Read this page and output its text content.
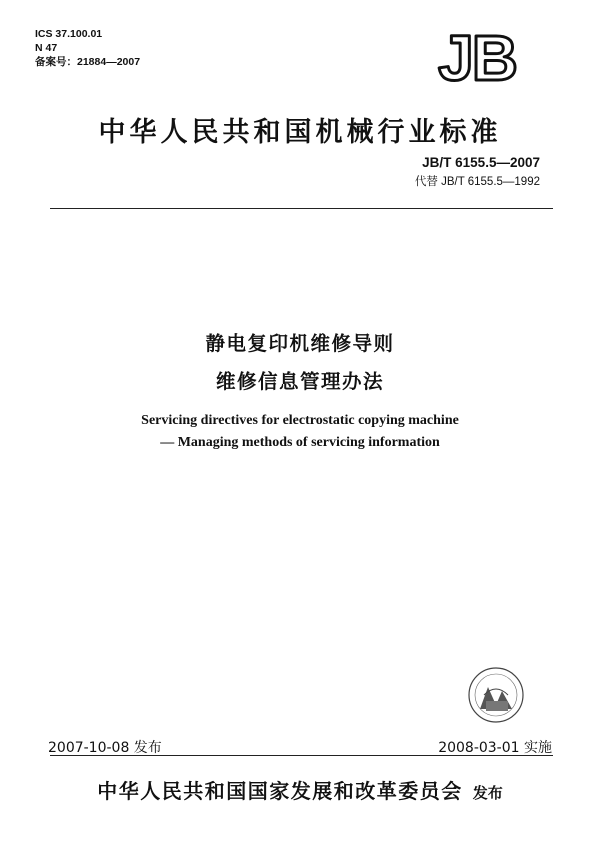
ICS 37.100.01
N 47
备案号：21884—2007	JB
中华人民共和国机械行业标准
JB/T 6155.5—2007
代替 JB/T 6155.5—1992
静电复印机维修导则
维修信息管理办法
Servicing directives for electrostatic copying machine
— Managing methods of servicing information
2007-10-08 发布	2008-03-01 实施
中华人民共和国国家发展和改革委员会 发布
